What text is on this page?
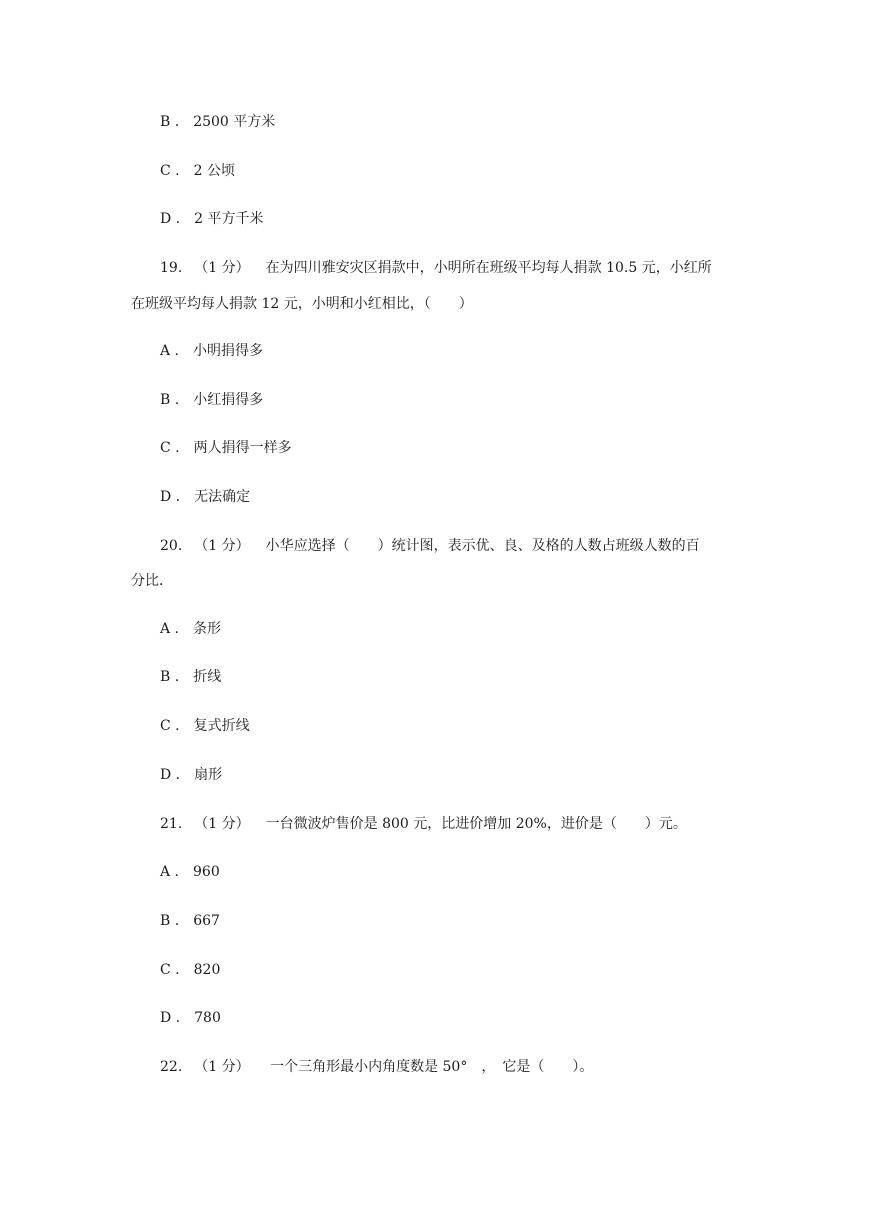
B . 2500 平方米
C . 2 公顷
D . 2 平方千米
19. （1 分） 在为四川雅安灾区捐款中，小明所在班级平均每人捐款 10.5 元，小红所
在班级平均每人捐款 12 元，小明和小红相比，（　　）
A . 小明捐得多
B . 小红捐得多
C . 两人捐得一样多
D . 无法确定
20. （1 分） 小华应选择（　　）统计图，表示优、良、及格的人数占班级人数的百
分比．
A . 条形
B . 折线
C . 复式折线
D . 扇形
21. （1 分） 一台微波炉售价是 800 元，比进价增加 20%，进价是（　　）元。
A . 960
B . 667
C . 820
D . 780
22. （1 分） 一个三角形最小内角度数是 50°　，　它是（　　）。
